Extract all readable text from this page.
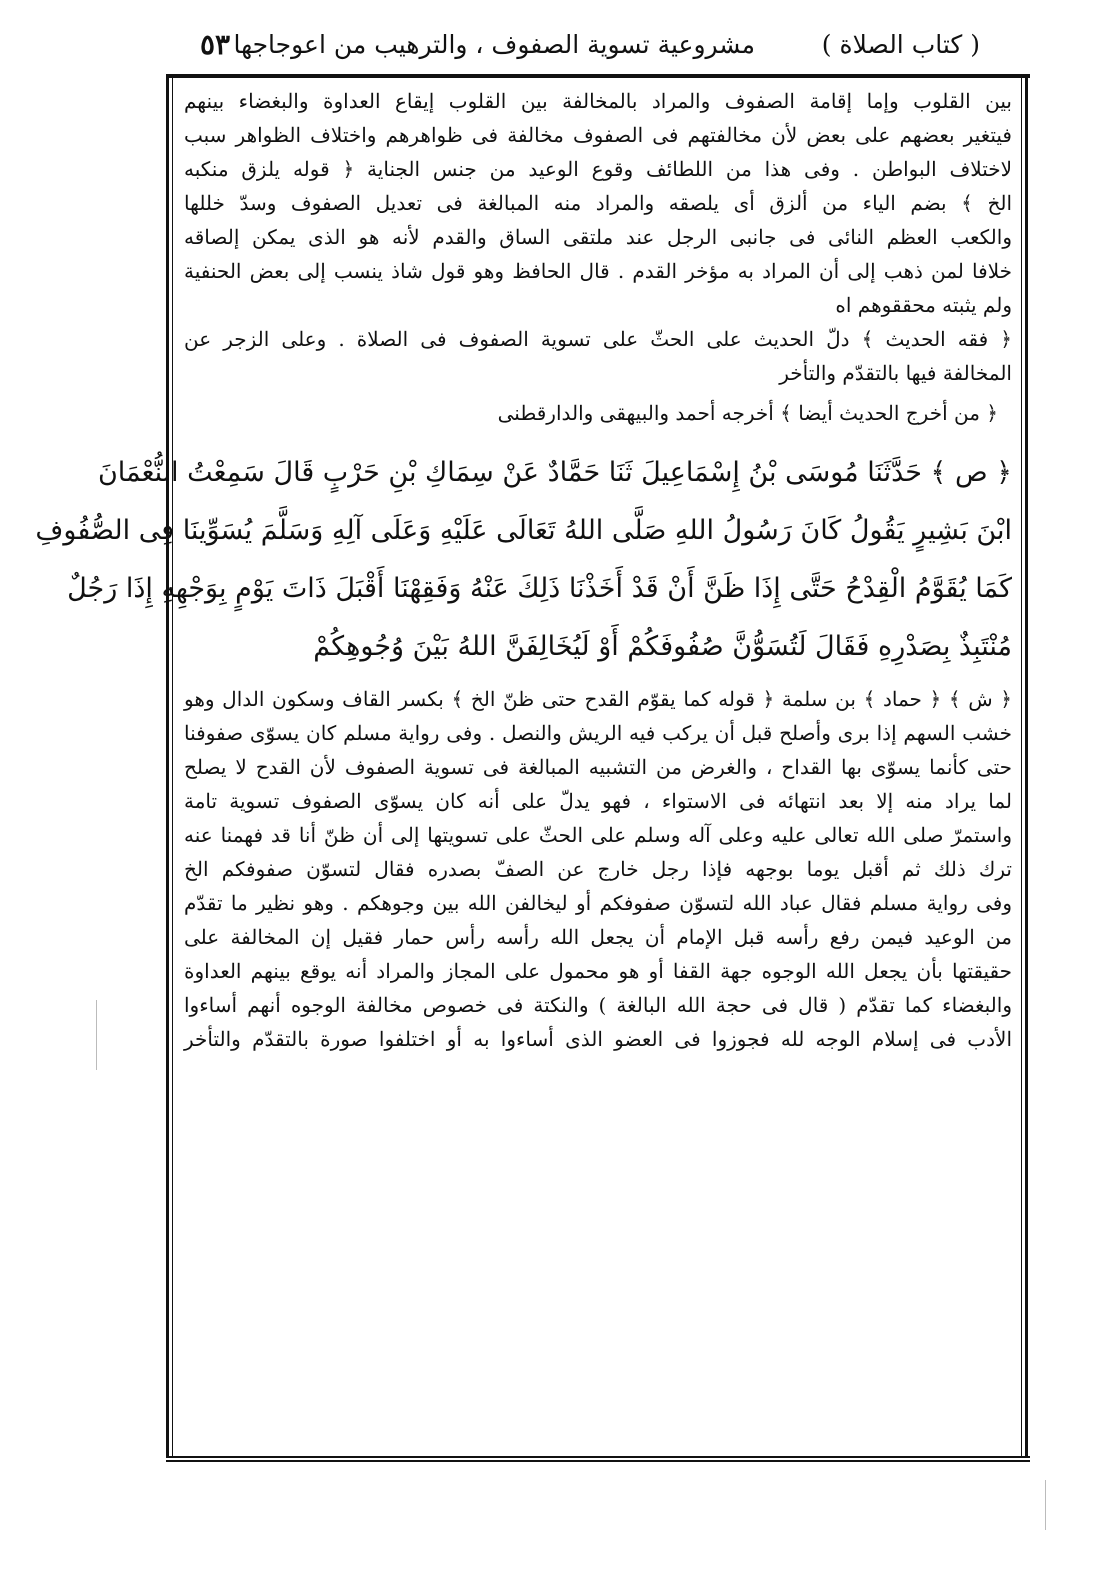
( كتاب الصلاة )
مشروعية تسوية الصفوف ، والترهيب من اعوجاجها
٥٣
بين القلوب وإما إقامة الصفوف والمراد بالمخالفة بين القلوب إيقاع العداوة والبغضاء بينهم
فيتغير بعضهم على بعض لأن مخالفتهم فى الصفوف مخالفة فى ظواهرهم واختلاف الظواهر سبب
لاختلاف البواطن . وفى هذا من اللطائف وقوع الوعيد من جنس الجناية ﴿ قوله يلزق منكبه
الخ ﴾ بضم الياء من ألزق أى يلصقه والمراد منه المبالغة فى تعديل الصفوف وسدّ خللها
والكعب العظم النائى فى جانبى الرجل عند ملتقى الساق والقدم لأنه هو الذى يمكن إلصاقه
خلافا لمن ذهب إلى أن المراد به مؤخر القدم . قال الحافظ وهو قول شاذ ينسب إلى بعض الحنفية
ولم يثبته محققوهم اه
﴿ فقه الحديث ﴾ دلّ الحديث على الحثّ على تسوية الصفوف فى الصلاة . وعلى الزجر عن
المخالفة فيها بالتقدّم والتأخر
﴿ من أخرج الحديث أيضا ﴾ أخرجه أحمد والبيهقى والدارقطنى
﴿ ص ﴾ حَدَّثَنَا مُوسَى بْنُ إِسْمَاعِيلَ ثَنَا حَمَّادٌ عَنْ سِمَاكِ بْنِ حَرْبٍ قَالَ سَمِعْتُ النُّعْمَانَ
ابْنَ بَشِيرٍ يَقُولُ كَانَ رَسُولُ اللهِ صَلَّى اللهُ تَعَالَى عَلَيْهِ وَعَلَى آلِهِ وَسَلَّمَ يُسَوِّينَا فِى الصُّفُوفِ
كَمَا يُقَوَّمُ الْقِدْحُ حَتَّى إِذَا ظَنَّ أَنْ قَدْ أَخَذْنَا ذَلِكَ عَنْهُ وَفَقِهْنَا أَقْبَلَ ذَاتَ يَوْمٍ بِوَجْهِهِ إِذَا رَجُلٌ
مُنْتَبِذٌ بِصَدْرِهِ فَقَالَ لَتُسَوُّنَّ صُفُوفَكُمْ أَوْ لَيُخَالِفَنَّ اللهُ بَيْنَ وُجُوهِكُمْ
﴿ ش ﴾ ﴿ حماد ﴾ بن سلمة ﴿ قوله كما يقوّم القدح حتى ظنّ الخ ﴾ بكسر القاف وسكون الدال وهو
خشب السهم إذا برى وأصلح قبل أن يركب فيه الريش والنصل . وفى رواية مسلم كان يسوّى صفوفنا
حتى كأنما يسوّى بها القداح ، والغرض من التشبيه المبالغة فى تسوية الصفوف لأن القدح لا يصلح
لما يراد منه إلا بعد انتهائه فى الاستواء ، فهو يدلّ على أنه كان يسوّى الصفوف تسوية تامة
واستمرّ صلى الله تعالى عليه وعلى آله وسلم على الحثّ على تسويتها إلى أن ظنّ أنا قد فهمنا عنه
ترك ذلك ثم أقبل يوما بوجهه فإذا رجل خارج عن الصفّ بصدره فقال لتسوّن صفوفكم الخ
وفى رواية مسلم فقال عباد الله لتسوّن صفوفكم أو ليخالفن الله بين وجوهكم . وهو نظير ما تقدّم
من الوعيد فيمن رفع رأسه قبل الإمام أن يجعل الله رأسه رأس حمار فقيل إن المخالفة على
حقيقتها بأن يجعل الله الوجوه جهة القفا أو هو محمول على المجاز والمراد أنه يوقع بينهم العداوة
والبغضاء كما تقدّم ( قال فى حجة الله البالغة ) والنكتة فى خصوص مخالفة الوجوه أنهم أساءوا
الأدب فى إسلام الوجه لله فجوزوا فى العضو الذى أساءوا به أو اختلفوا صورة بالتقدّم والتأخر
